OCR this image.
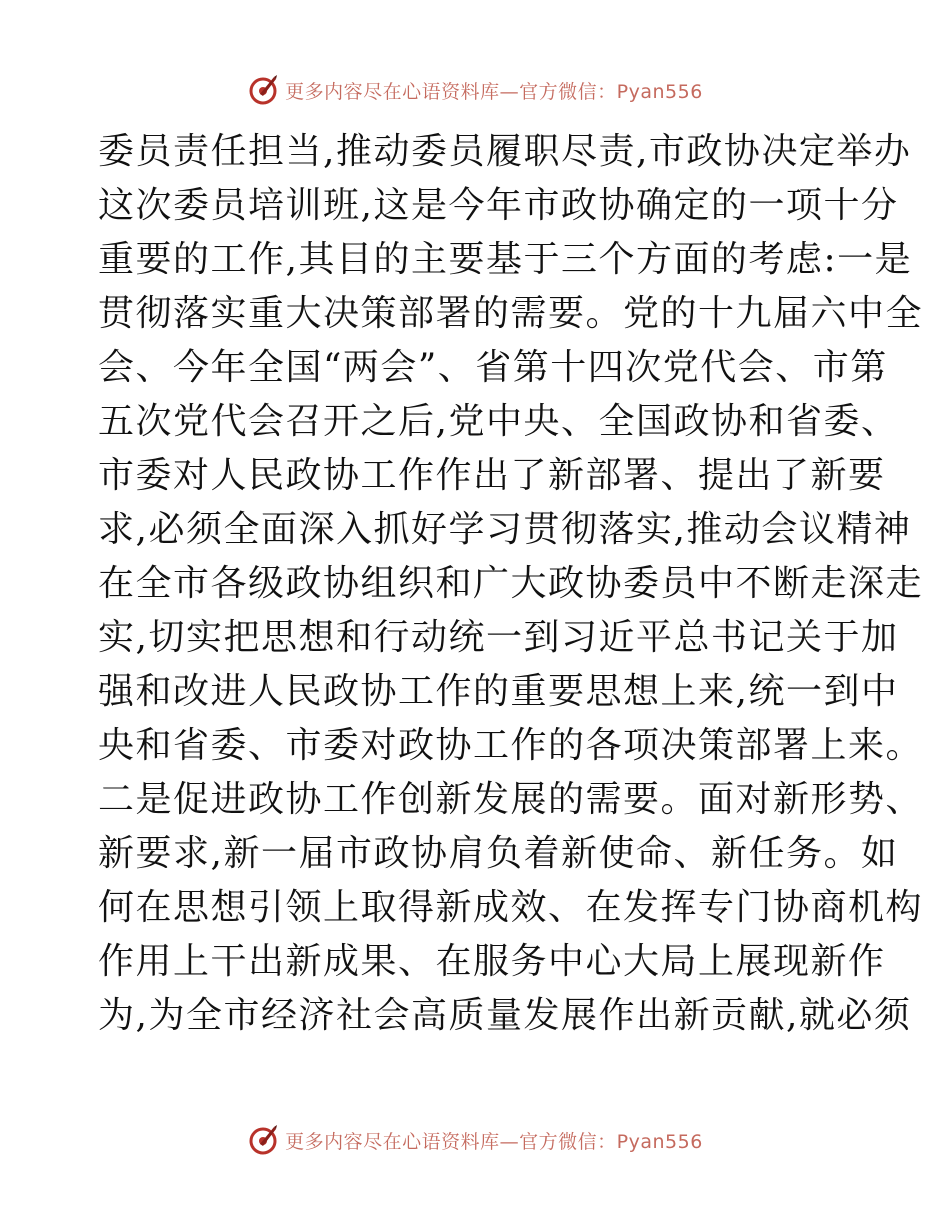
更多内容尽在心语资料库—官方微信：Pyan556
委员责任担当,推动委员履职尽责,市政协决定举办
这次委员培训班,这是今年市政协确定的一项十分
重要的工作,其目的主要基于三个方面的考虑:一是
贯彻落实重大决策部署的需要。党的十九届六中全
会、今年全国“两会”、省第十四次党代会、市第
五次党代会召开之后,党中央、全国政协和省委、
市委对人民政协工作作出了新部署、提出了新要
求,必须全面深入抓好学习贯彻落实,推动会议精神
在全市各级政协组织和广大政协委员中不断走深走
实,切实把思想和行动统一到习近平总书记关于加
强和改进人民政协工作的重要思想上来,统一到中
央和省委、市委对政协工作的各项决策部署上来。
二是促进政协工作创新发展的需要。面对新形势、
新要求,新一届市政协肩负着新使命、新任务。如
何在思想引领上取得新成效、在发挥专门协商机构
作用上干出新成果、在服务中心大局上展现新作
为,为全市经济社会高质量发展作出新贡献,就必须
更多内容尽在心语资料库—官方微信：Pyan556
